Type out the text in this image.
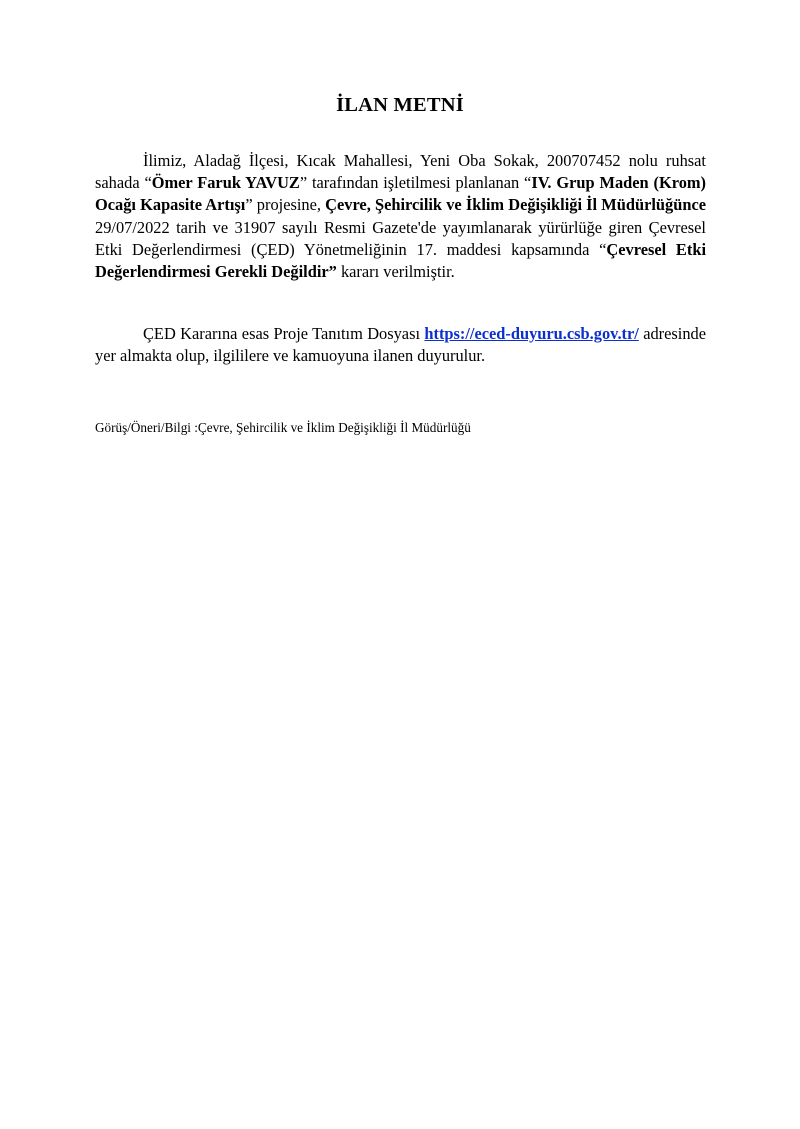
İLAN METNİ

İlimiz, Aladağ İlçesi, Kıcak Mahallesi, Yeni Oba Sokak, 200707452 nolu ruhsat sahada “Ömer Faruk YAVUZ” tarafından işletilmesi planlanan “IV. Grup Maden (Krom) Ocağı Kapasite Artışı” projesine, Çevre, Şehircilik ve İklim Değişikliği İl Müdürlüğünce 29/07/2022 tarih ve 31907 sayılı Resmi Gazete'de yayımlanarak yürürlüğe giren Çevresel Etki Değerlendirmesi (ÇED) Yönetmeliğinin 17. maddesi kapsamında “Çevresel Etki Değerlendirmesi Gerekli Değildir” kararı verilmiştir.

ÇED Kararına esas Proje Tanıtım Dosyası https://eced-duyuru.csb.gov.tr/ adresinde yer almakta olup, ilgililere ve kamuoyuna ilanen duyurulur.

Görüş/Öneri/Bilgi :Çevre, Şehircilik ve İklim Değişikliği İl Müdürlüğü
